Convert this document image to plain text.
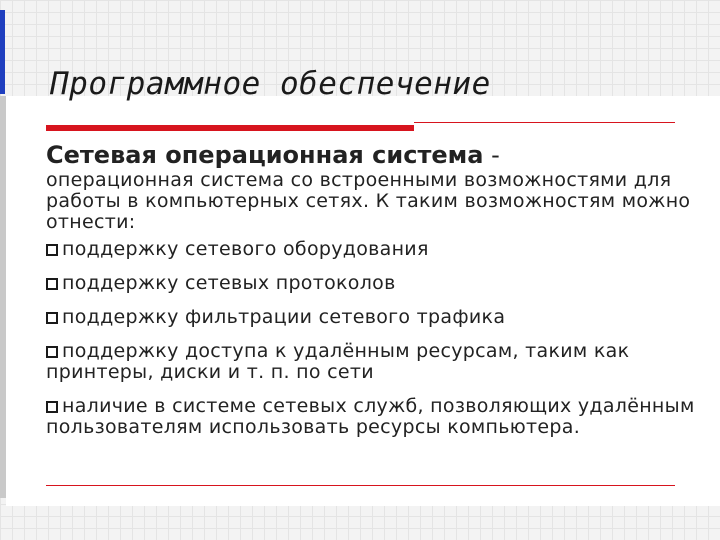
Программное обеспечение
Сетевая операционная система -
операционная система со встроенными возможностями для работы в компьютерных сетях. К таким возможностям можно отнести:
поддержку сетевого оборудования
поддержку сетевых протоколов
поддержку фильтрации сетевого трафика
поддержку доступа к удалённым ресурсам, таким как принтеры, диски и т. п. по сети
наличие в системе сетевых служб, позволяющих удалённым пользователям использовать ресурсы компьютера.
